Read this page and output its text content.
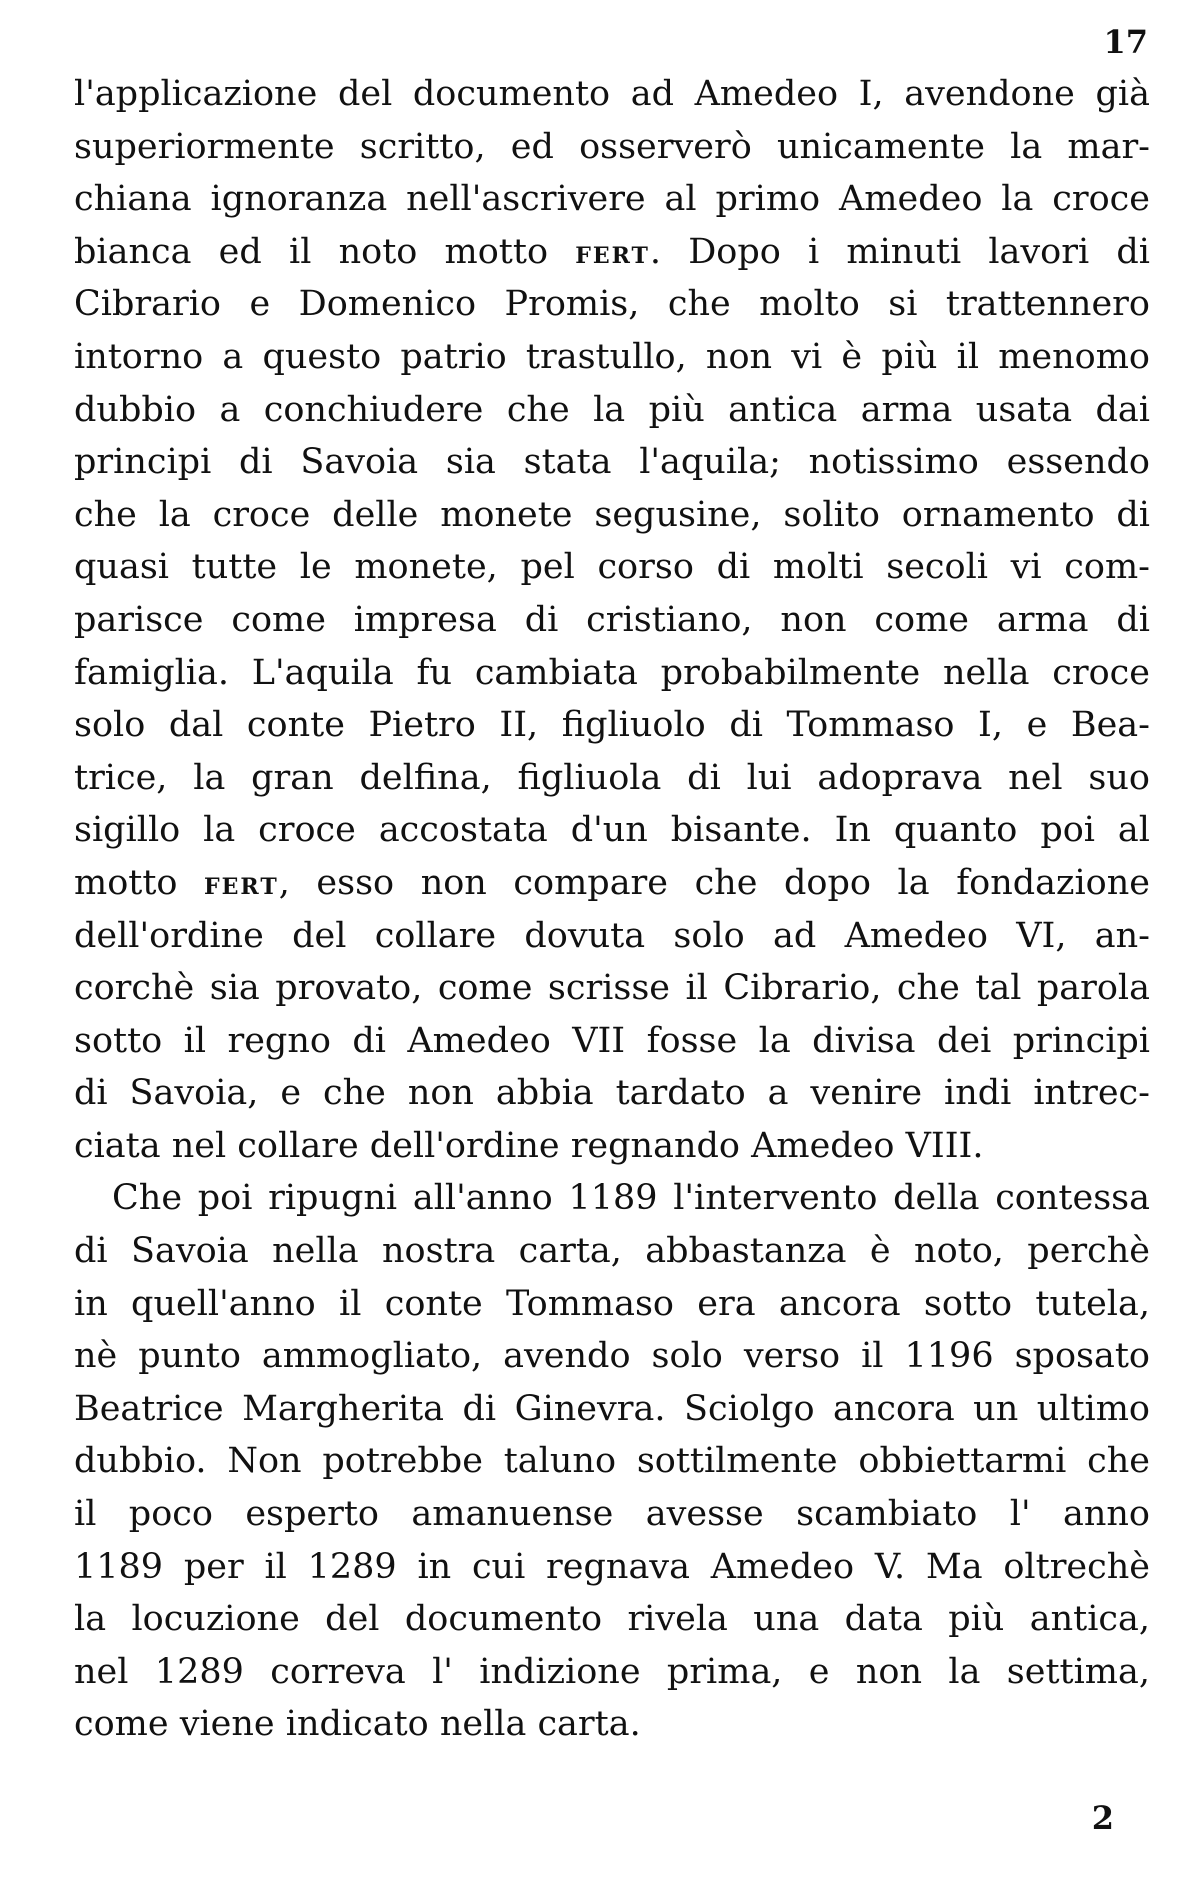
17
l'applicazione del documento ad Amedeo I, avendone già
superiormente scritto, ed osserverò unicamente la mar-
chiana ignoranza nell'ascrivere al primo Amedeo la croce
bianca ed il noto motto FERT. Dopo i minuti lavori di
Cibrario e Domenico Promis, che molto si trattennero
intorno a questo patrio trastullo, non vi è più il menomo
dubbio a conchiudere che la più antica arma usata dai
principi di Savoia sia stata l'aquila; notissimo essendo
che la croce delle monete segusine, solito ornamento di
quasi tutte le monete, pel corso di molti secoli vi com-
parisce come impresa di cristiano, non come arma di
famiglia. L'aquila fu cambiata probabilmente nella croce
solo dal conte Pietro II, figliuolo di Tommaso I, e Bea-
trice, la gran delfina, figliuola di lui adoprava nel suo
sigillo la croce accostata d'un bisante. In quanto poi al
motto FERT, esso non compare che dopo la fondazione
dell'ordine del collare dovuta solo ad Amedeo VI, an-
corchè sia provato, come scrisse il Cibrario, che tal parola
sotto il regno di Amedeo VII fosse la divisa dei principi
di Savoia, e che non abbia tardato a venire indi intrec-
ciata nel collare dell'ordine regnando Amedeo VIII.
Che poi ripugni all'anno 1189 l'intervento della contessa
di Savoia nella nostra carta, abbastanza è noto, perchè
in quell'anno il conte Tommaso era ancora sotto tutela,
nè punto ammogliato, avendo solo verso il 1196 sposato
Beatrice Margherita di Ginevra. Sciolgo ancora un ultimo
dubbio. Non potrebbe taluno sottilmente obbiettarmi che
il poco esperto amanuense avesse scambiato l' anno
1189 per il 1289 in cui regnava Amedeo V. Ma oltrechè
la locuzione del documento rivela una data più antica,
nel 1289 correva l' indizione prima, e non la settima,
come viene indicato nella carta.
2
